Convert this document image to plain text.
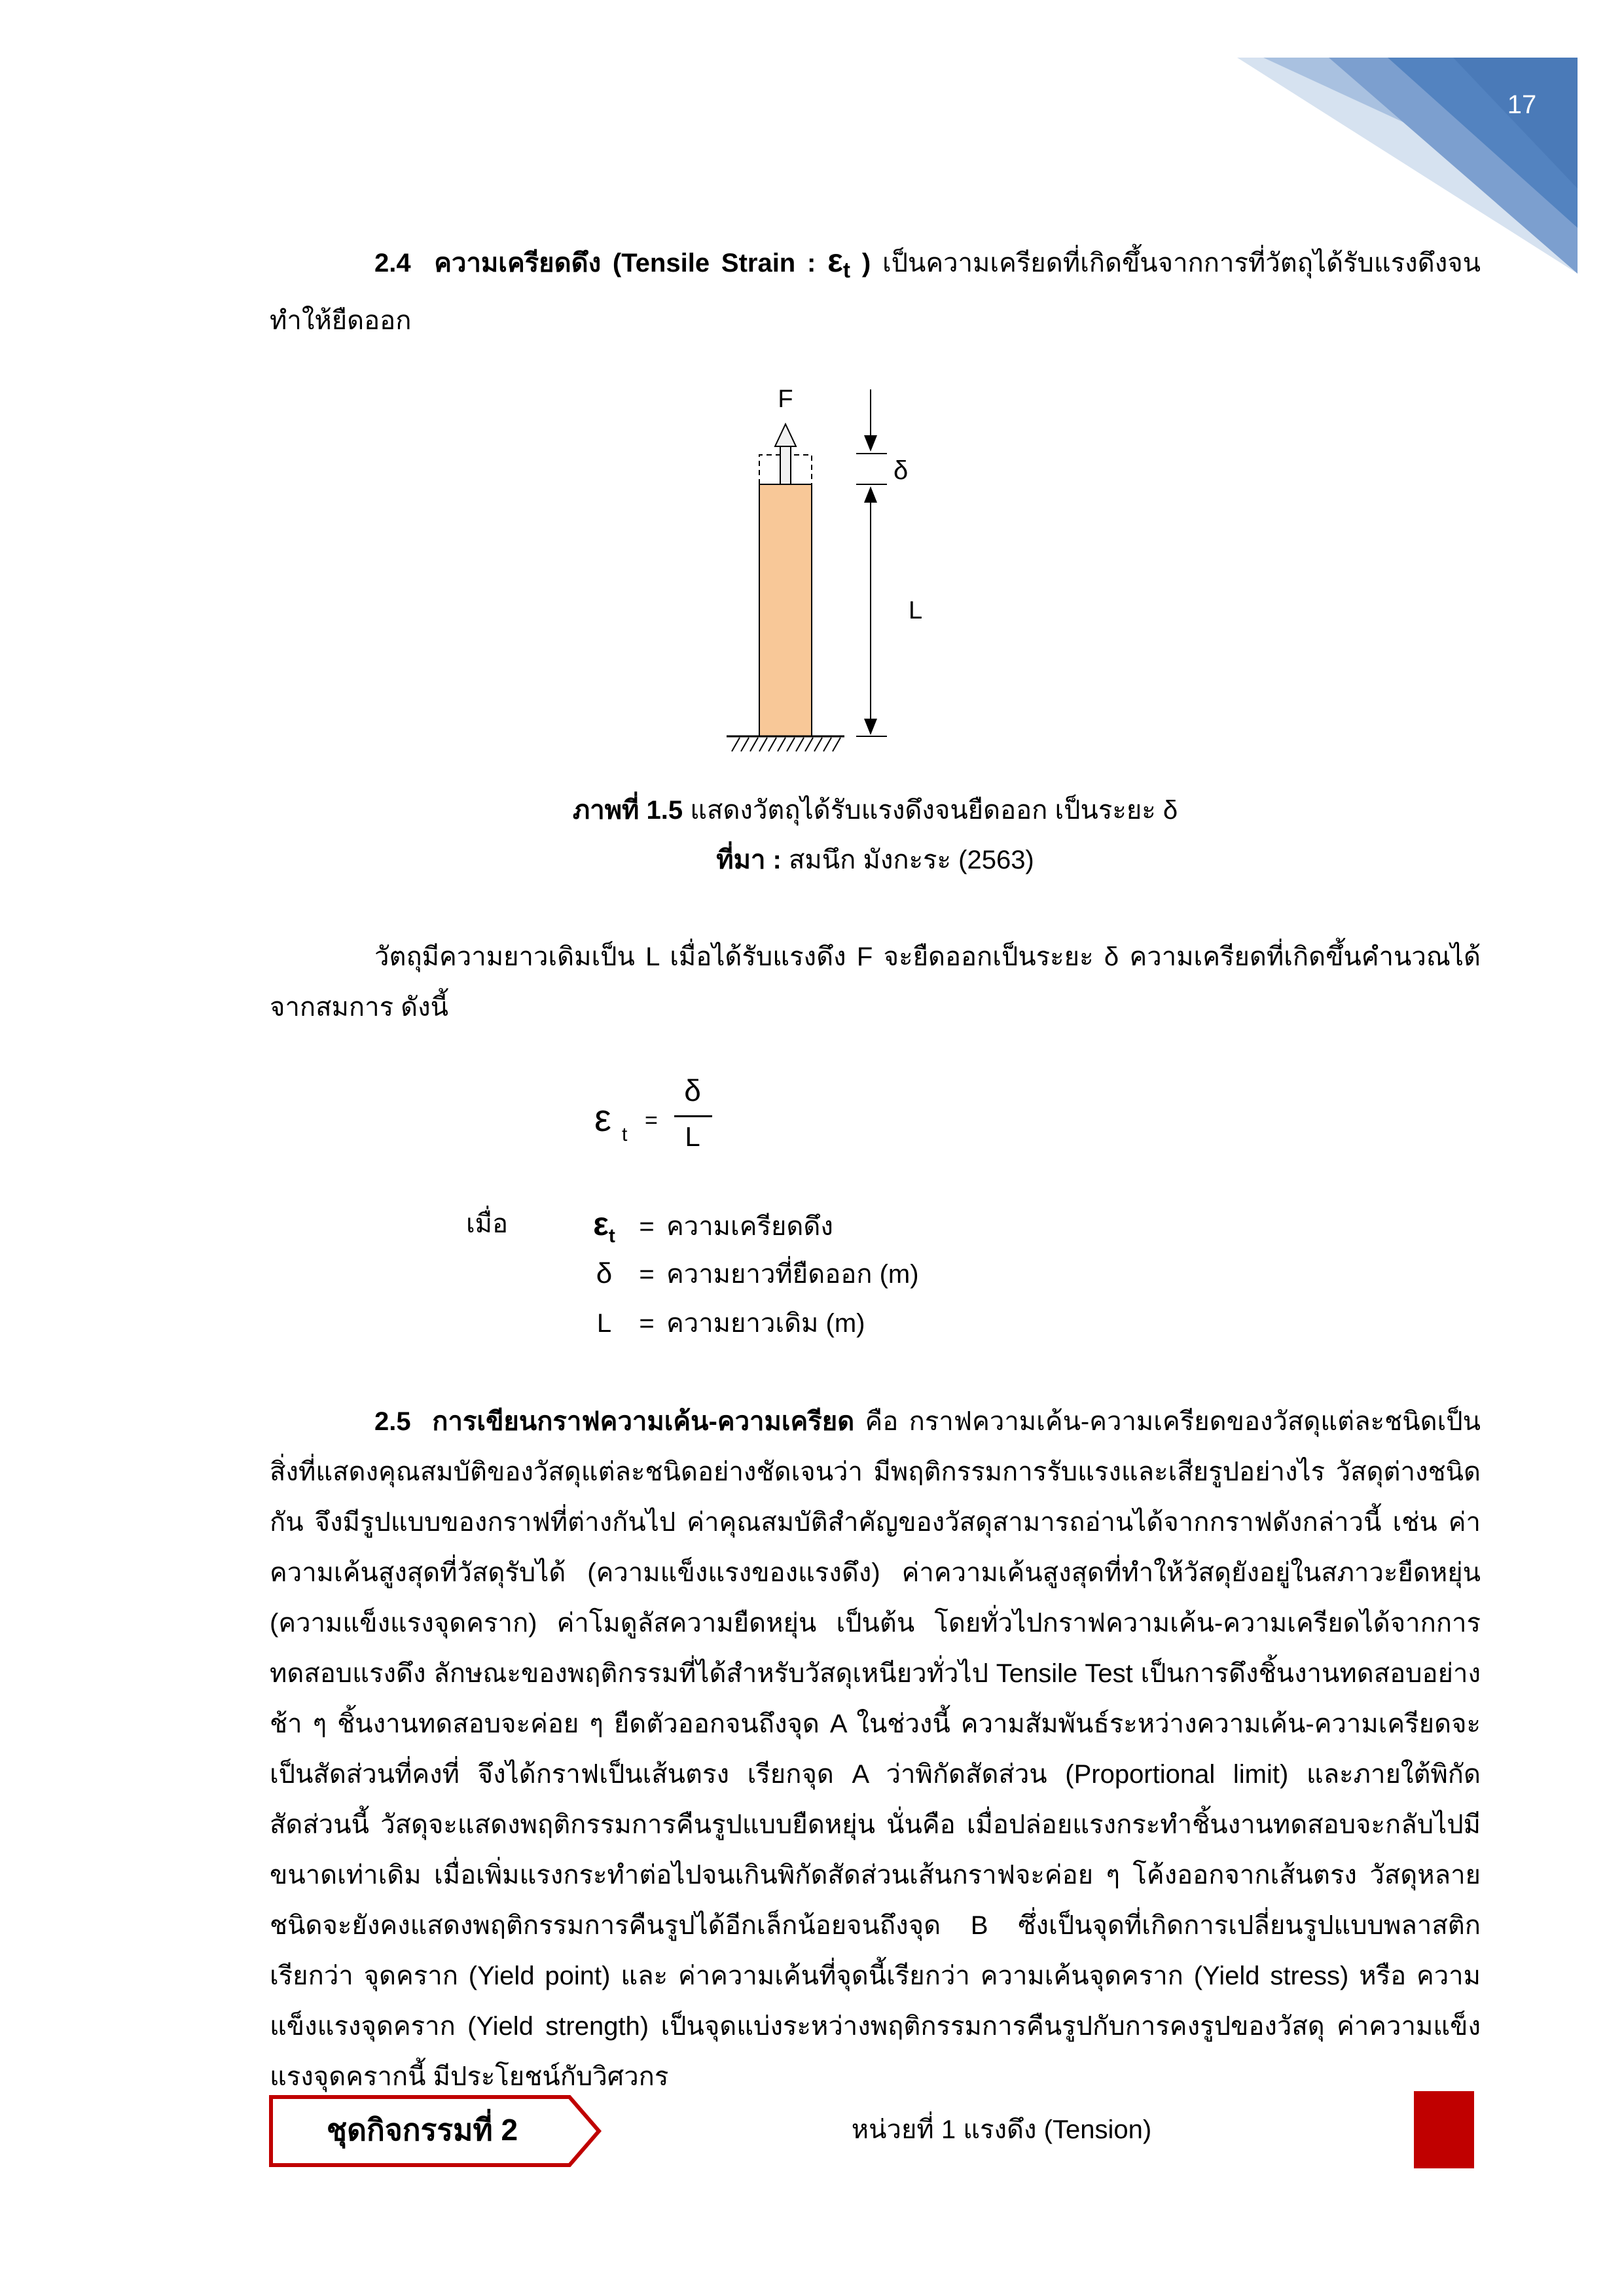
17
2.4 ความเครียดดึง (Tensile Strain : $\varepsilon_t$ ) เป็นความเครียดที่เกิดขึ้นจากการที่วัตถุได้รับแรงดึงจนทำให้ยืดออก
F
δ
L
ภาพที่ 1.5 แสดงวัตถุได้รับแรงดึงจนยืดออก เป็นระยะ δ
ที่มา : สมนึก มังกะระ (2563)
วัตถุมีความยาวเดิมเป็น L เมื่อได้รับแรงดึง F จะยืดออกเป็นระยะ δ ความเครียดที่เกิดขึ้นคำนวณได้จากสมการ ดังนี้
ε t
=
δ
L
เมื่อ	$\varepsilon_t$ = ความเครียดดึง
δ = ความยาวที่ยืดออก (m)
L = ความยาวเดิม (m)
2.5 การเขียนกราฟความเค้น-ความเครียด คือ กราฟความเค้น-ความเครียดของวัสดุแต่ละชนิดเป็นสิ่งที่แสดงคุณสมบัติของวัสดุแต่ละชนิดอย่างชัดเจนว่า มีพฤติกรรมการรับแรงและเสียรูปอย่างไร วัสดุต่างชนิดกัน จึงมีรูปแบบของกราฟที่ต่างกันไป ค่าคุณสมบัติสำคัญของวัสดุสามารถอ่านได้จากกราฟดังกล่าวนี้ เช่น ค่าความเค้นสูงสุดที่วัสดุรับได้ (ความแข็งแรงของแรงดึง) ค่าความเค้นสูงสุดที่ทำให้วัสดุยังอยู่ในสภาวะยืดหยุ่น (ความแข็งแรงจุดคราก) ค่าโมดูลัสความยืดหยุ่น เป็นต้น โดยทั่วไปกราฟความเค้น-ความเครียดได้จากการทดสอบแรงดึง ลักษณะของพฤติกรรมที่ได้สำหรับวัสดุเหนียวทั่วไป Tensile Test เป็นการดึงชิ้นงานทดสอบอย่างช้า ๆ ชิ้นงานทดสอบจะค่อย ๆ ยืดตัวออกจนถึงจุด A ในช่วงนี้ ความสัมพันธ์ระหว่างความเค้น-ความเครียดจะเป็นสัดส่วนที่คงที่ จึงได้กราฟเป็นเส้นตรง เรียกจุด A ว่าพิกัดสัดส่วน (Proportional limit) และภายใต้พิกัดสัดส่วนนี้ วัสดุจะแสดงพฤติกรรมการคืนรูปแบบยืดหยุ่น นั่นคือ เมื่อปล่อยแรงกระทำชิ้นงานทดสอบจะกลับไปมีขนาดเท่าเดิม เมื่อเพิ่มแรงกระทำต่อไปจนเกินพิกัดสัดส่วนเส้นกราฟจะค่อย ๆ โค้งออกจากเส้นตรง วัสดุหลายชนิดจะยังคงแสดงพฤติกรรมการคืนรูปได้อีกเล็กน้อยจนถึงจุด B ซึ่งเป็นจุดที่เกิดการเปลี่ยนรูปแบบพลาสติก เรียกว่า จุดคราก (Yield point) และ ค่าความเค้นที่จุดนี้เรียกว่า ความเค้นจุดคราก (Yield stress) หรือ ความแข็งแรงจุดคราก (Yield strength) เป็นจุดแบ่งระหว่างพฤติกรรมการคืนรูปกับการคงรูปของวัสดุ ค่าความแข็งแรงจุดครากนี้ มีประโยชน์กับวิศวกร
ชุดกิจกรรมที่ 2	หน่วยที่ 1 แรงดึง (Tension)
